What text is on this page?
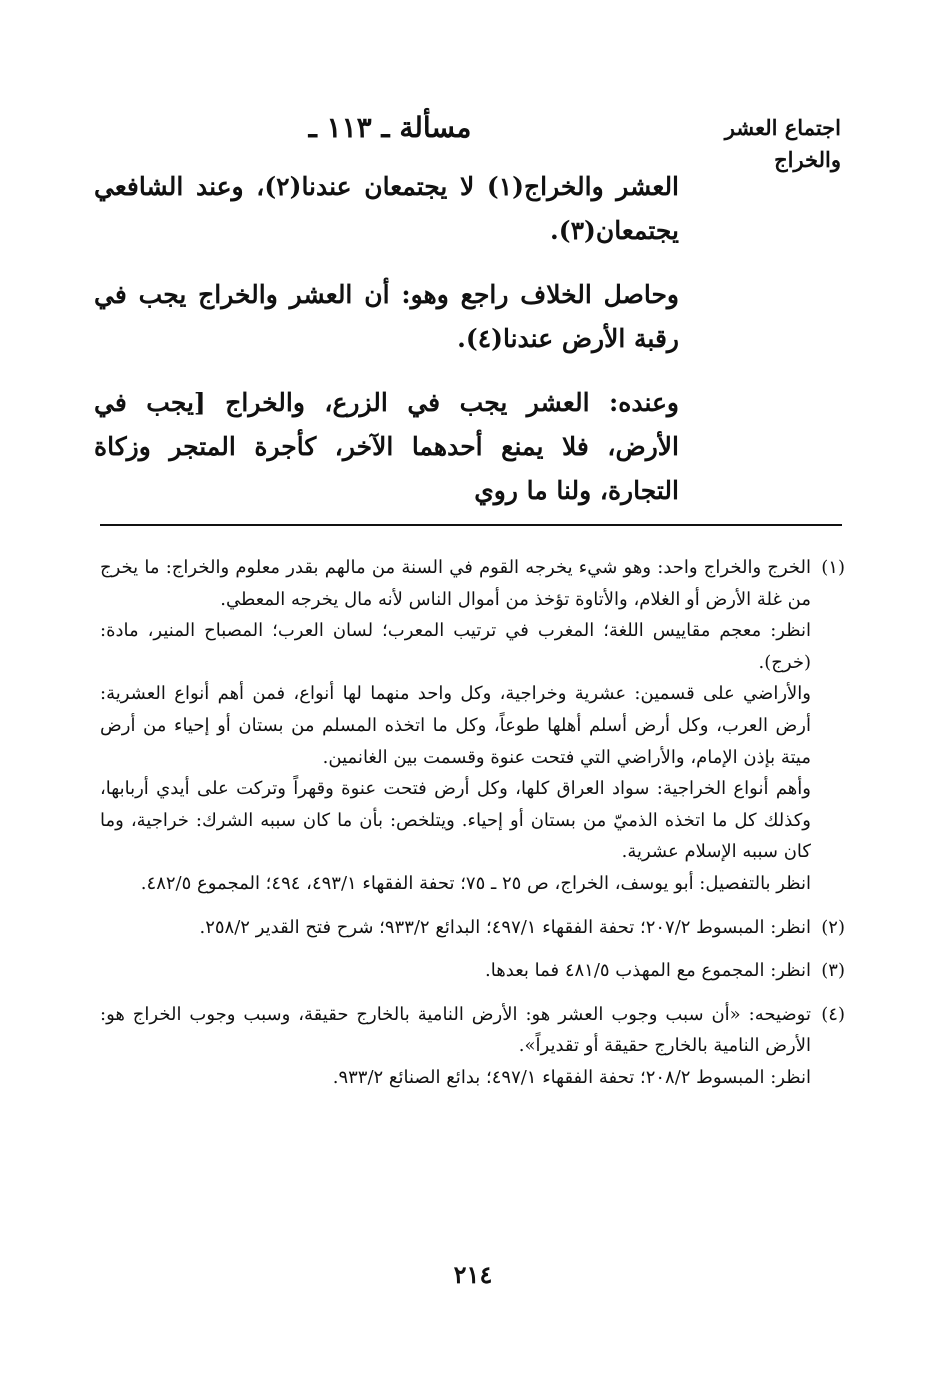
اجتماع العشر
والخراج
مسألة ـ ١١٣ ـ

العشر والخراج(١) لا يجتمعان عندنا(٢)، وعند الشافعي يجتمعان(٣).

وحاصل الخلاف راجع وهو: أن العشر والخراج يجب في رقبة الأرض عندنا(٤).

وعنده: العشر يجب في الزرع، والخراج [يجب في الأرض، فلا يمنع أحدهما الآخر، كأجرة المتجر وزكاة التجارة، ولنا ما روي

(١)

الخرج والخراج واحد: وهو شيء يخرجه القوم في السنة من مالهم بقدر معلوم والخراج: ما يخرج من غلة الأرض أو الغلام، والأتاوة تؤخذ من أموال الناس لأنه مال يخرجه المعطي.

انظر: معجم مقاييس اللغة؛ المغرب في ترتيب المعرب؛ لسان العرب؛ المصباح المنير، مادة: (خرج).

والأراضي على قسمين: عشرية وخراجية، وكل واحد منهما لها أنواع، فمن أهم أنواع العشرية: أرض العرب، وكل أرض أسلم أهلها طوعاً، وكل ما اتخذه المسلم من بستان أو إحياء من أرض ميتة بإذن الإمام، والأراضي التي فتحت عنوة وقسمت بين الغانمين.

وأهم أنواع الخراجية: سواد العراق كلها، وكل أرض فتحت عنوة وقهراً وتركت على أيدي أربابها، وكذلك كل ما اتخذه الذميّ من بستان أو إحياء. ويتلخص: بأن ما كان سببه الشرك: خراجية، وما كان سببه الإسلام عشرية.

انظر بالتفصيل: أبو يوسف، الخراج، ص ٢٥ ـ ٧٥؛ تحفة الفقهاء ٤٩٣/١، ٤٩٤؛ المجموع ٤٨٢/٥.

(٢)

انظر: المبسوط ٢٠٧/٢؛ تحفة الفقهاء ٤٩٧/١؛ البدائع ٩٣٣/٢؛ شرح فتح القدير ٢٥٨/٢.

(٣)

انظر: المجموع مع المهذب ٤٨١/٥ فما بعدها.

(٤)

توضيحه: «أن سبب وجوب العشر هو: الأرض النامية بالخارج حقيقة، وسبب وجوب الخراج هو: الأرض النامية بالخارج حقيقة أو تقديراً».

انظر: المبسوط ٢٠٨/٢؛ تحفة الفقهاء ٤٩٧/١؛ بدائع الصنائع ٩٣٣/٢.

٢١٤
